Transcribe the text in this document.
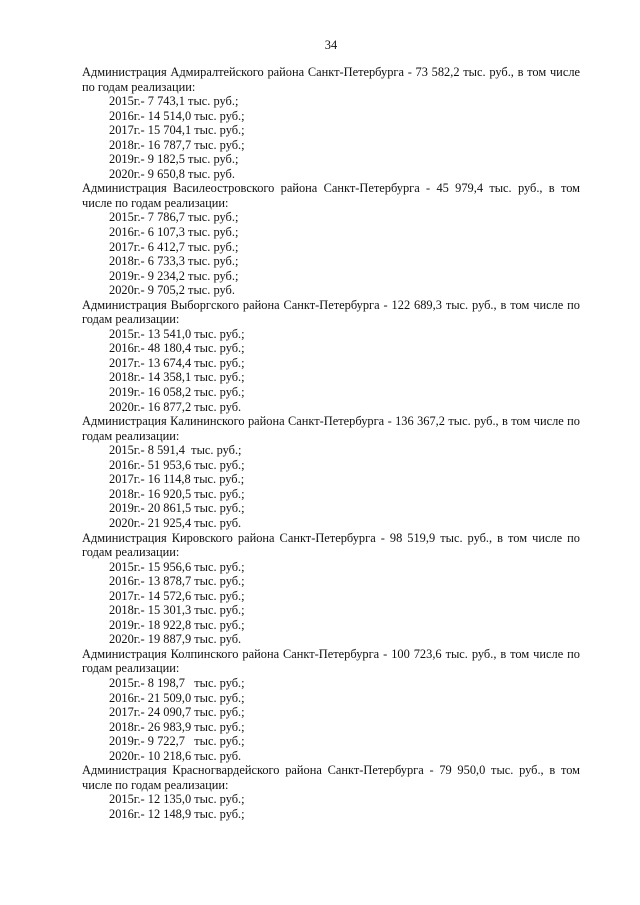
34
Администрация Адмиралтейского района Санкт-Петербурга - 73 582,2 тыс. руб., в том числе по годам реализации:
2015г.- 7 743,1 тыс. руб.;
2016г.- 14 514,0 тыс. руб.;
2017г.- 15 704,1 тыс. руб.;
2018г.- 16 787,7 тыс. руб.;
2019г.- 9 182,5 тыс. руб.;
2020г.- 9 650,8 тыс. руб.
Администрация Василеостровского района Санкт-Петербурга - 45 979,4 тыс. руб., в том числе по годам реализации:
2015г.- 7 786,7 тыс. руб.;
2016г.- 6 107,3 тыс. руб.;
2017г.- 6 412,7 тыс. руб.;
2018г.- 6 733,3 тыс. руб.;
2019г.- 9 234,2 тыс. руб.;
2020г.- 9 705,2 тыс. руб.
Администрация Выборгского района Санкт-Петербурга - 122 689,3 тыс. руб., в том числе по годам реализации:
2015г.- 13 541,0 тыс. руб.;
2016г.- 48 180,4 тыс. руб.;
2017г.- 13 674,4 тыс. руб.;
2018г.- 14 358,1 тыс. руб.;
2019г.- 16 058,2 тыс. руб.;
2020г.- 16 877,2 тыс. руб.
Администрация Калининского района Санкт-Петербурга - 136 367,2 тыс. руб., в том числе по годам реализации:
2015г.- 8 591,4  тыс. руб.;
2016г.- 51 953,6 тыс. руб.;
2017г.- 16 114,8 тыс. руб.;
2018г.- 16 920,5 тыс. руб.;
2019г.- 20 861,5 тыс. руб.;
2020г.- 21 925,4 тыс. руб.
Администрация Кировского района Санкт-Петербурга - 98 519,9 тыс. руб., в том числе по годам реализации:
2015г.- 15 956,6 тыс. руб.;
2016г.- 13 878,7 тыс. руб.;
2017г.- 14 572,6 тыс. руб.;
2018г.- 15 301,3 тыс. руб.;
2019г.- 18 922,8 тыс. руб.;
2020г.- 19 887,9 тыс. руб.
Администрация Колпинского района Санкт-Петербурга - 100 723,6 тыс. руб., в том числе по годам реализации:
2015г.- 8 198,7   тыс. руб.;
2016г.- 21 509,0 тыс. руб.;
2017г.- 24 090,7 тыс. руб.;
2018г.- 26 983,9 тыс. руб.;
2019г.- 9 722,7   тыс. руб.;
2020г.- 10 218,6 тыс. руб.
Администрация Красногвардейского района Санкт-Петербурга - 79 950,0 тыс. руб., в том числе по годам реализации:
2015г.- 12 135,0 тыс. руб.;
2016г.- 12 148,9 тыс. руб.;
